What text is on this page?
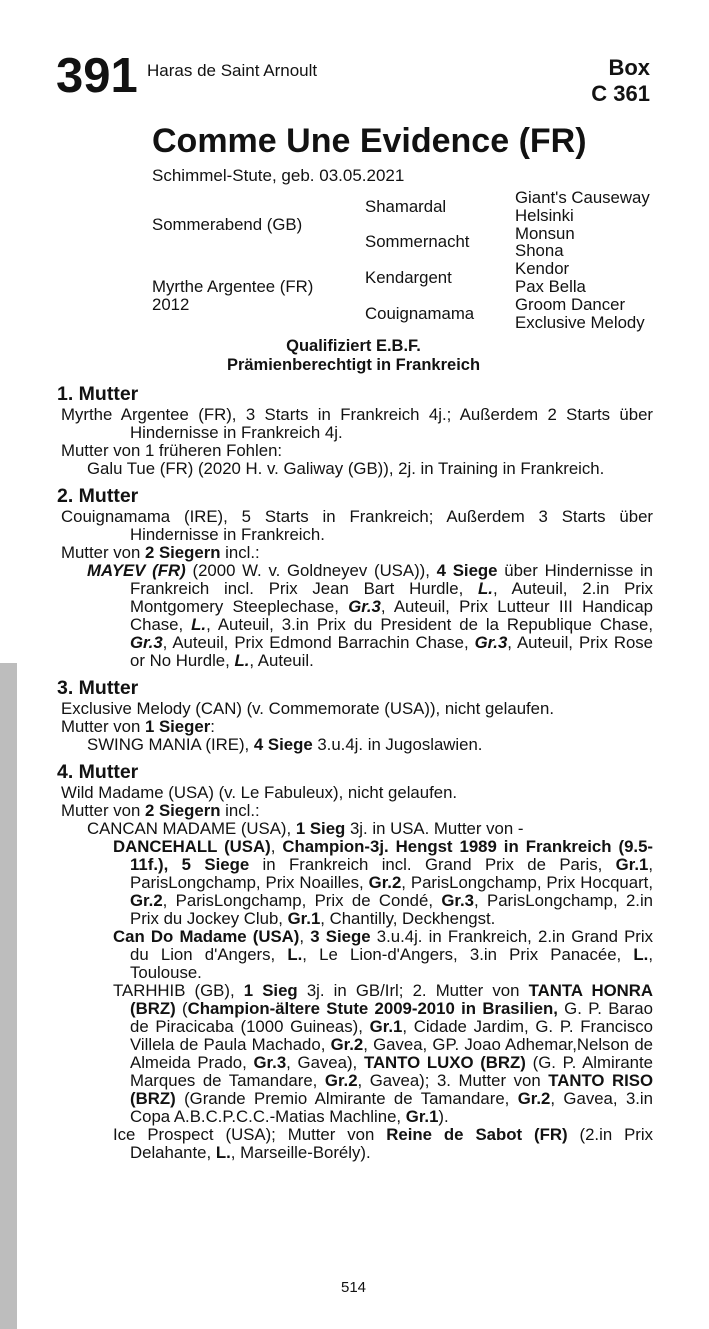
391 Haras de Saint Arnoult	Box
C 361
Comme Une Evidence (FR)
Schimmel-Stute, geb. 03.05.2021
Sommerabend (GB)
Myrthe Argentee (FR)
2012
Shamardal
Sommernacht
Kendargent
Couignamama
Giant's Causeway
Helsinki
Monsun
Shona
Kendor
Pax Bella
Groom Dancer
Exclusive Melody
Qualifiziert E.B.F.
Prämienberechtigt in Frankreich
1. Mutter

Myrthe Argentee (FR), 3 Starts in Frankreich 4j.; Außerdem 2 Starts über Hindernisse in Frankreich 4j.

Mutter von 1 früheren Fohlen:

Galu Tue (FR) (2020 H. v. Galiway (GB)), 2j. in Training in Frankreich.

2. Mutter

Couignamama (IRE), 5 Starts in Frankreich; Außerdem 3 Starts über Hindernisse in Frankreich.

Mutter von 2 Siegern incl.:

MAYEV (FR) (2000 W. v. Goldneyev (USA)), 4 Siege über Hindernisse in Frankreich incl. Prix Jean Bart Hurdle, L., Auteuil, 2.in Prix Montgomery Steeplechase, Gr.3, Auteuil, Prix Lutteur III Handicap Chase, L., Auteuil, 3.in Prix du President de la Republique Chase, Gr.3, Auteuil, Prix Edmond Barrachin Chase, Gr.3, Auteuil, Prix Rose or No Hurdle, L., Auteuil.

3. Mutter

Exclusive Melody (CAN) (v. Commemorate (USA)), nicht gelaufen.

Mutter von 1 Sieger:

SWING MANIA (IRE), 4 Siege 3.u.4j. in Jugoslawien.

4. Mutter

Wild Madame (USA) (v. Le Fabuleux), nicht gelaufen.

Mutter von 2 Siegern incl.:

CANCAN MADAME (USA), 1 Sieg 3j. in USA. Mutter von -

DANCEHALL (USA), Champion-3j. Hengst 1989 in Frankreich (9.5-11f.), 5 Siege in Frankreich incl. Grand Prix de Paris, Gr.1, ParisLongchamp, Prix Noailles, Gr.2, ParisLongchamp, Prix Hocquart, Gr.2, ParisLongchamp, Prix de Condé, Gr.3, ParisLongchamp, 2.in Prix du Jockey Club, Gr.1, Chantilly, Deckhengst.

Can Do Madame (USA), 3 Siege 3.u.4j. in Frankreich, 2.in Grand Prix du Lion d'Angers, L., Le Lion-d'Angers, 3.in Prix Panacée, L., Toulouse.

TARHHIB (GB), 1 Sieg 3j. in GB/Irl; 2. Mutter von TANTA HONRA (BRZ) (Champion-ältere Stute 2009-2010 in Brasilien, G. P. Barao de Piracicaba (1000 Guineas), Gr.1, Cidade Jardim, G. P. Francisco Villela de Paula Machado, Gr.2, Gavea, GP. Joao Adhemar,Nelson de Almeida Prado, Gr.3, Gavea), TANTO LUXO (BRZ) (G. P. Almirante Marques de Tamandare, Gr.2, Gavea); 3. Mutter von TANTO RISO (BRZ) (Grande Premio Almirante de Tamandare, Gr.2, Gavea, 3.in Copa A.B.C.P.C.C.-Matias Machline, Gr.1).

Ice Prospect (USA); Mutter von Reine de Sabot (FR) (2.in Prix Delahante, L., Marseille-Borély).

514
